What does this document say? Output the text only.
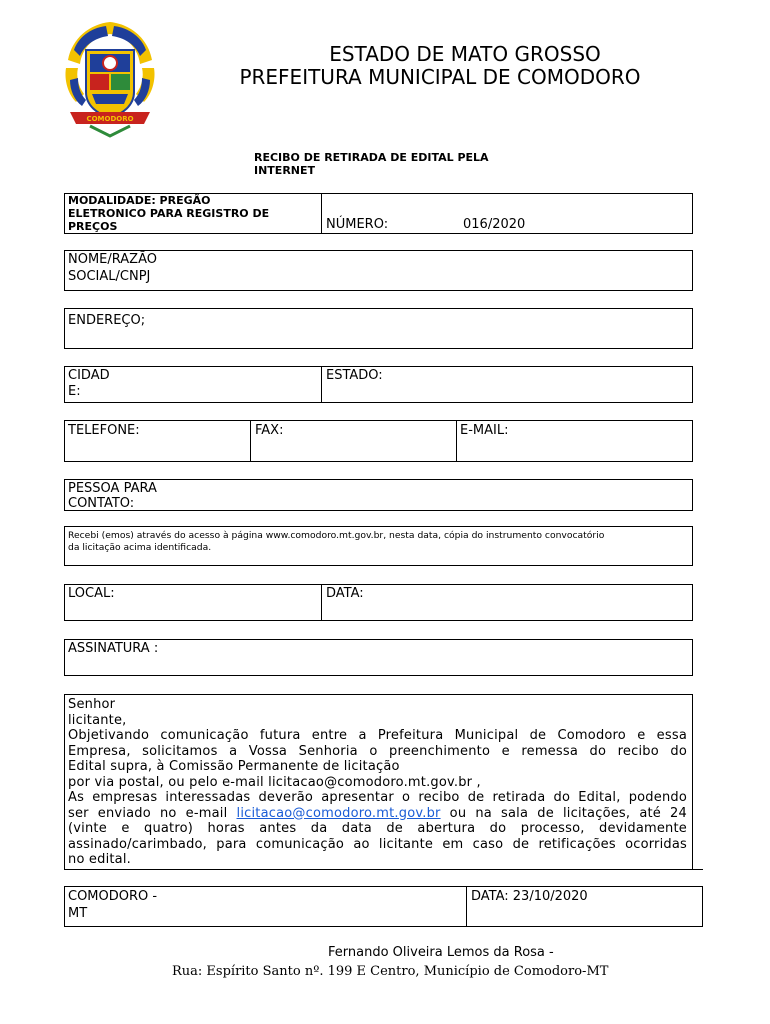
COMODORO
ESTADO DE MATO GROSSO
PREFEITURA MUNICIPAL DE COMODORO
RECIBO DE RETIRADA DE EDITAL PELA
INTERNET
MODALIDADE: PREGÃO
ELETRONICO PARA REGISTRO DE
PREÇOS	NÚMERO:	016/2020
NOME/RAZÃO
SOCIAL/CNPJ
ENDEREÇO;
CIDAD
E:
ESTADO:
TELEFONE:	FAX:	E-MAIL:
PESSOA PARA
CONTATO:
Recebi (emos) através do acesso à página www.comodoro.mt.gov.br, nesta data, cópia do instrumento convocatório
da licitação acima identificada.
LOCAL:	DATA:
ASSINATURA :
Senhor
licitante,
Objetivando comunicação futura entre a Prefeitura Municipal de Comodoro e essa
Empresa, solicitamos a Vossa Senhoria o preenchimento e remessa do recibo do
Edital supra, à Comissão Permanente de licitação
por via postal, ou pelo e-mail licitacao@comodoro.mt.gov.br ,
As empresas interessadas deverão apresentar o recibo de retirada do Edital, podendo
ser enviado no e-mail licitacao@comodoro.mt.gov.br ou na sala de licitações, até 24
(vinte e quatro) horas antes da data de abertura do processo, devidamente
assinado/carimbado, para comunicação ao licitante em caso de retificações ocorridas
no edital.
COMODORO -
MT
DATA: 23/10/2020
Fernando Oliveira Lemos da Rosa -
Rua: Espírito Santo nº. 199 E Centro, Município de Comodoro-MT
